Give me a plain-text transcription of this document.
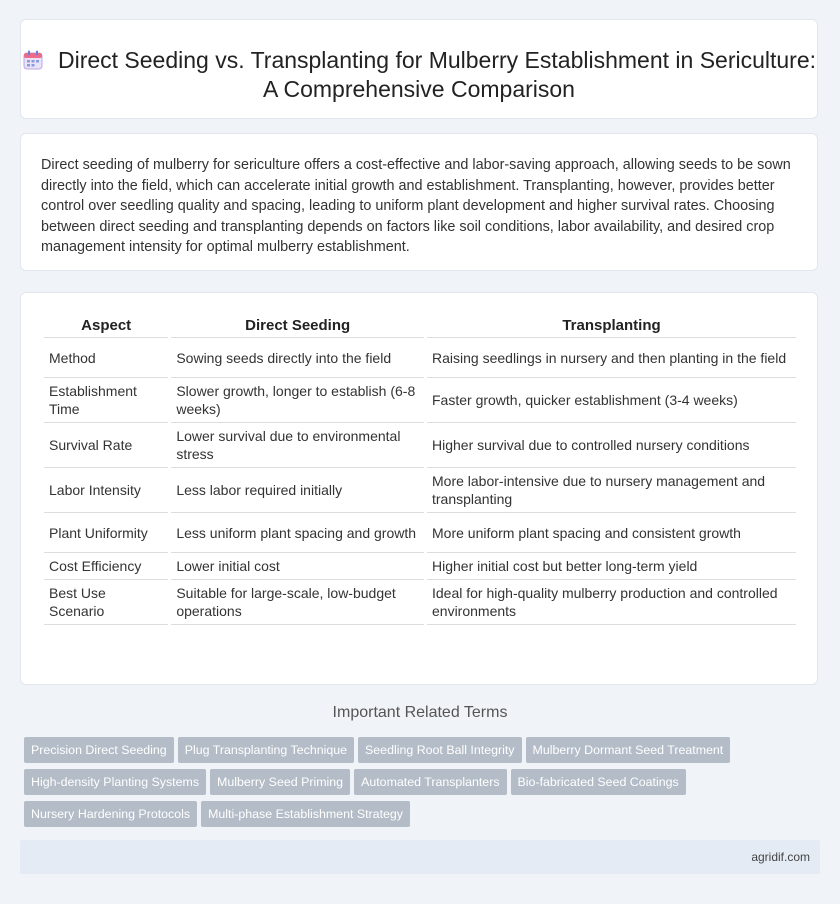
Direct Seeding vs. Transplanting for Mulberry Establishment in Sericulture: A Comprehensive Comparison

Direct seeding of mulberry for sericulture offers a cost-effective and labor-saving approach, allowing seeds to be sown directly into the field, which can accelerate initial growth and establishment. Transplanting, however, provides better control over seedling quality and spacing, leading to uniform plant development and higher survival rates. Choosing between direct seeding and transplanting depends on factors like soil conditions, labor availability, and desired crop management intensity for optimal mulberry establishment.

Aspect	Direct Seeding	Transplanting
Method	Sowing seeds directly into the field	Raising seedlings in nursery and then planting in the field
Establishment Time	Slower growth, longer to establish (6-8 weeks)	Faster growth, quicker establishment (3-4 weeks)
Survival Rate	Lower survival due to environmental stress	Higher survival due to controlled nursery conditions
Labor Intensity	Less labor required initially	More labor-intensive due to nursery management and transplanting
Plant Uniformity	Less uniform plant spacing and growth	More uniform plant spacing and consistent growth
Cost Efficiency	Lower initial cost	Higher initial cost but better long-term yield
Best Use Scenario	Suitable for large-scale, low-budget operations	Ideal for high-quality mulberry production and controlled environments
Important Related Terms
Precision Direct Seeding Plug Transplanting Technique Seedling Root Ball Integrity Mulberry Dormant Seed Treatment
High-density Planting Systems Mulberry Seed Priming Automated Transplanters Bio-fabricated Seed Coatings
Nursery Hardening Protocols Multi-phase Establishment Strategy
agridif.com
